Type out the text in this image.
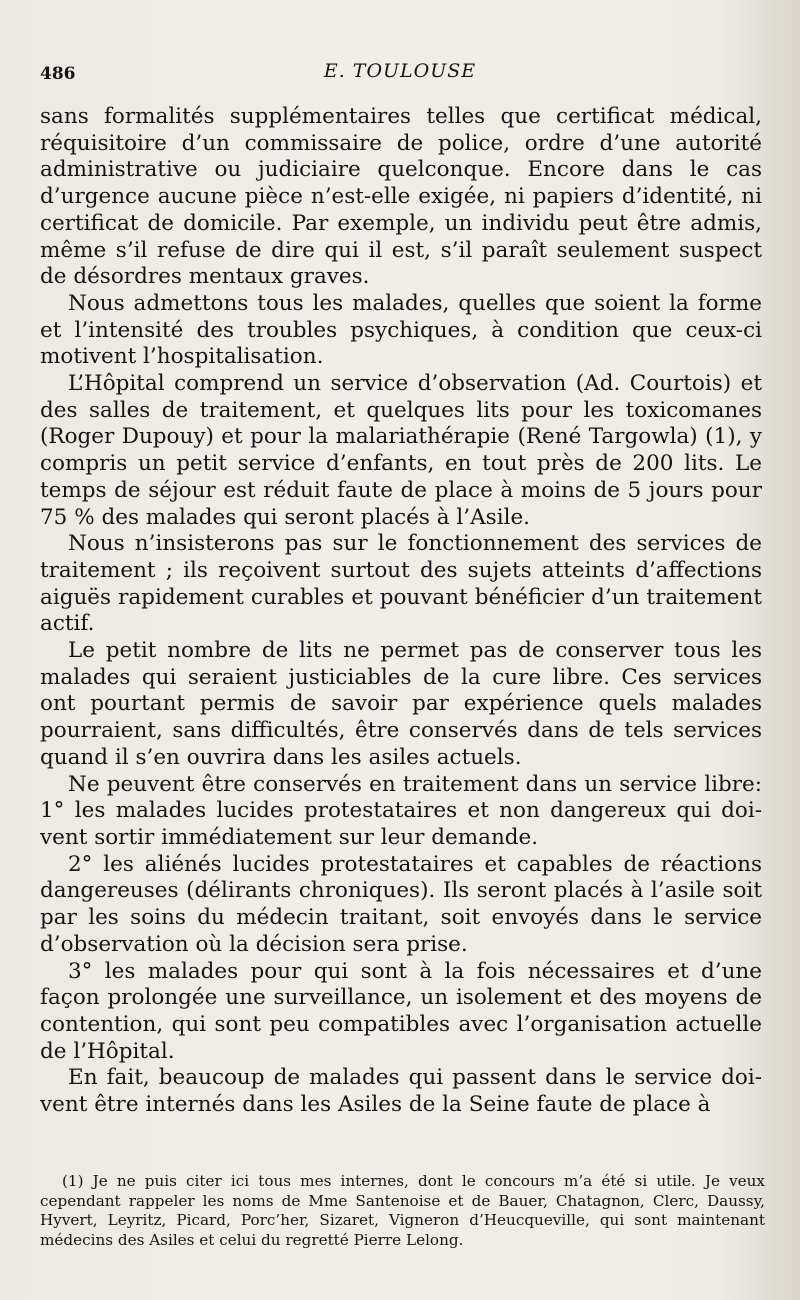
486	E. TOULOUSE

sans formalités supplémentaires telles que certificat médical, réquisitoire d’un commissaire de police, ordre d’une autorité administrative ou judiciaire quelconque. Encore dans le cas d’urgence aucune pièce n’est-elle exigée, ni papiers d’identité, ni certificat de domicile. Par exemple, un individu peut être admis, même s’il refuse de dire qui il est, s’il paraît seulement suspect de désordres mentaux graves.

Nous admettons tous les malades, quelles que soient la forme et l’intensité des troubles psychiques, à condition que ceux-ci motivent l’hospitalisation.

L’Hôpital comprend un service d’observation (Ad. Courtois) et des salles de traitement, et quelques lits pour les toxicomanes (Roger Dupouy) et pour la malariathérapie (René Targowla) (1), y compris un petit service d’enfants, en tout près de 200 lits. Le temps de séjour est réduit faute de place à moins de 5 jours pour 75 % des malades qui seront placés à l’Asile.

Nous n’insisterons pas sur le fonctionnement des services de traitement ; ils reçoivent surtout des sujets atteints d’affections aiguës rapidement curables et pouvant bénéficier d’un traitement actif.

Le petit nombre de lits ne permet pas de conserver tous les malades qui seraient justiciables de la cure libre. Ces services ont pourtant permis de savoir par expérience quels malades pourraient, sans difficultés, être conservés dans de tels services quand il s’en ouvrira dans les asiles actuels.

Ne peuvent être conservés en traitement dans un service libre: 1° les malades lucides protestataires et non dangereux qui doivent sortir immédiatement sur leur demande.

2° les aliénés lucides protestataires et capables de réactions dangereuses (délirants chroniques). Ils seront placés à l’asile soit par les soins du médecin traitant, soit envoyés dans le service d’observation où la décision sera prise.

3° les malades pour qui sont à la fois nécessaires et d’une façon prolongée une surveillance, un isolement et des moyens de contention, qui sont peu compatibles avec l’organisation actuelle de l’Hôpital.

En fait, beaucoup de malades qui passent dans le service doivent être internés dans les Asiles de la Seine faute de place à

(1) Je ne puis citer ici tous mes internes, dont le concours m’a été si utile. Je veux cependant rappeler les noms de Mme Santenoise et de Bauer, Chatagnon, Clerc, Daussy, Hyvert, Leyritz, Picard, Porc’her, Sizaret, Vigneron d’Heucqueville, qui sont maintenant médecins des Asiles et celui du regretté Pierre Lelong.
